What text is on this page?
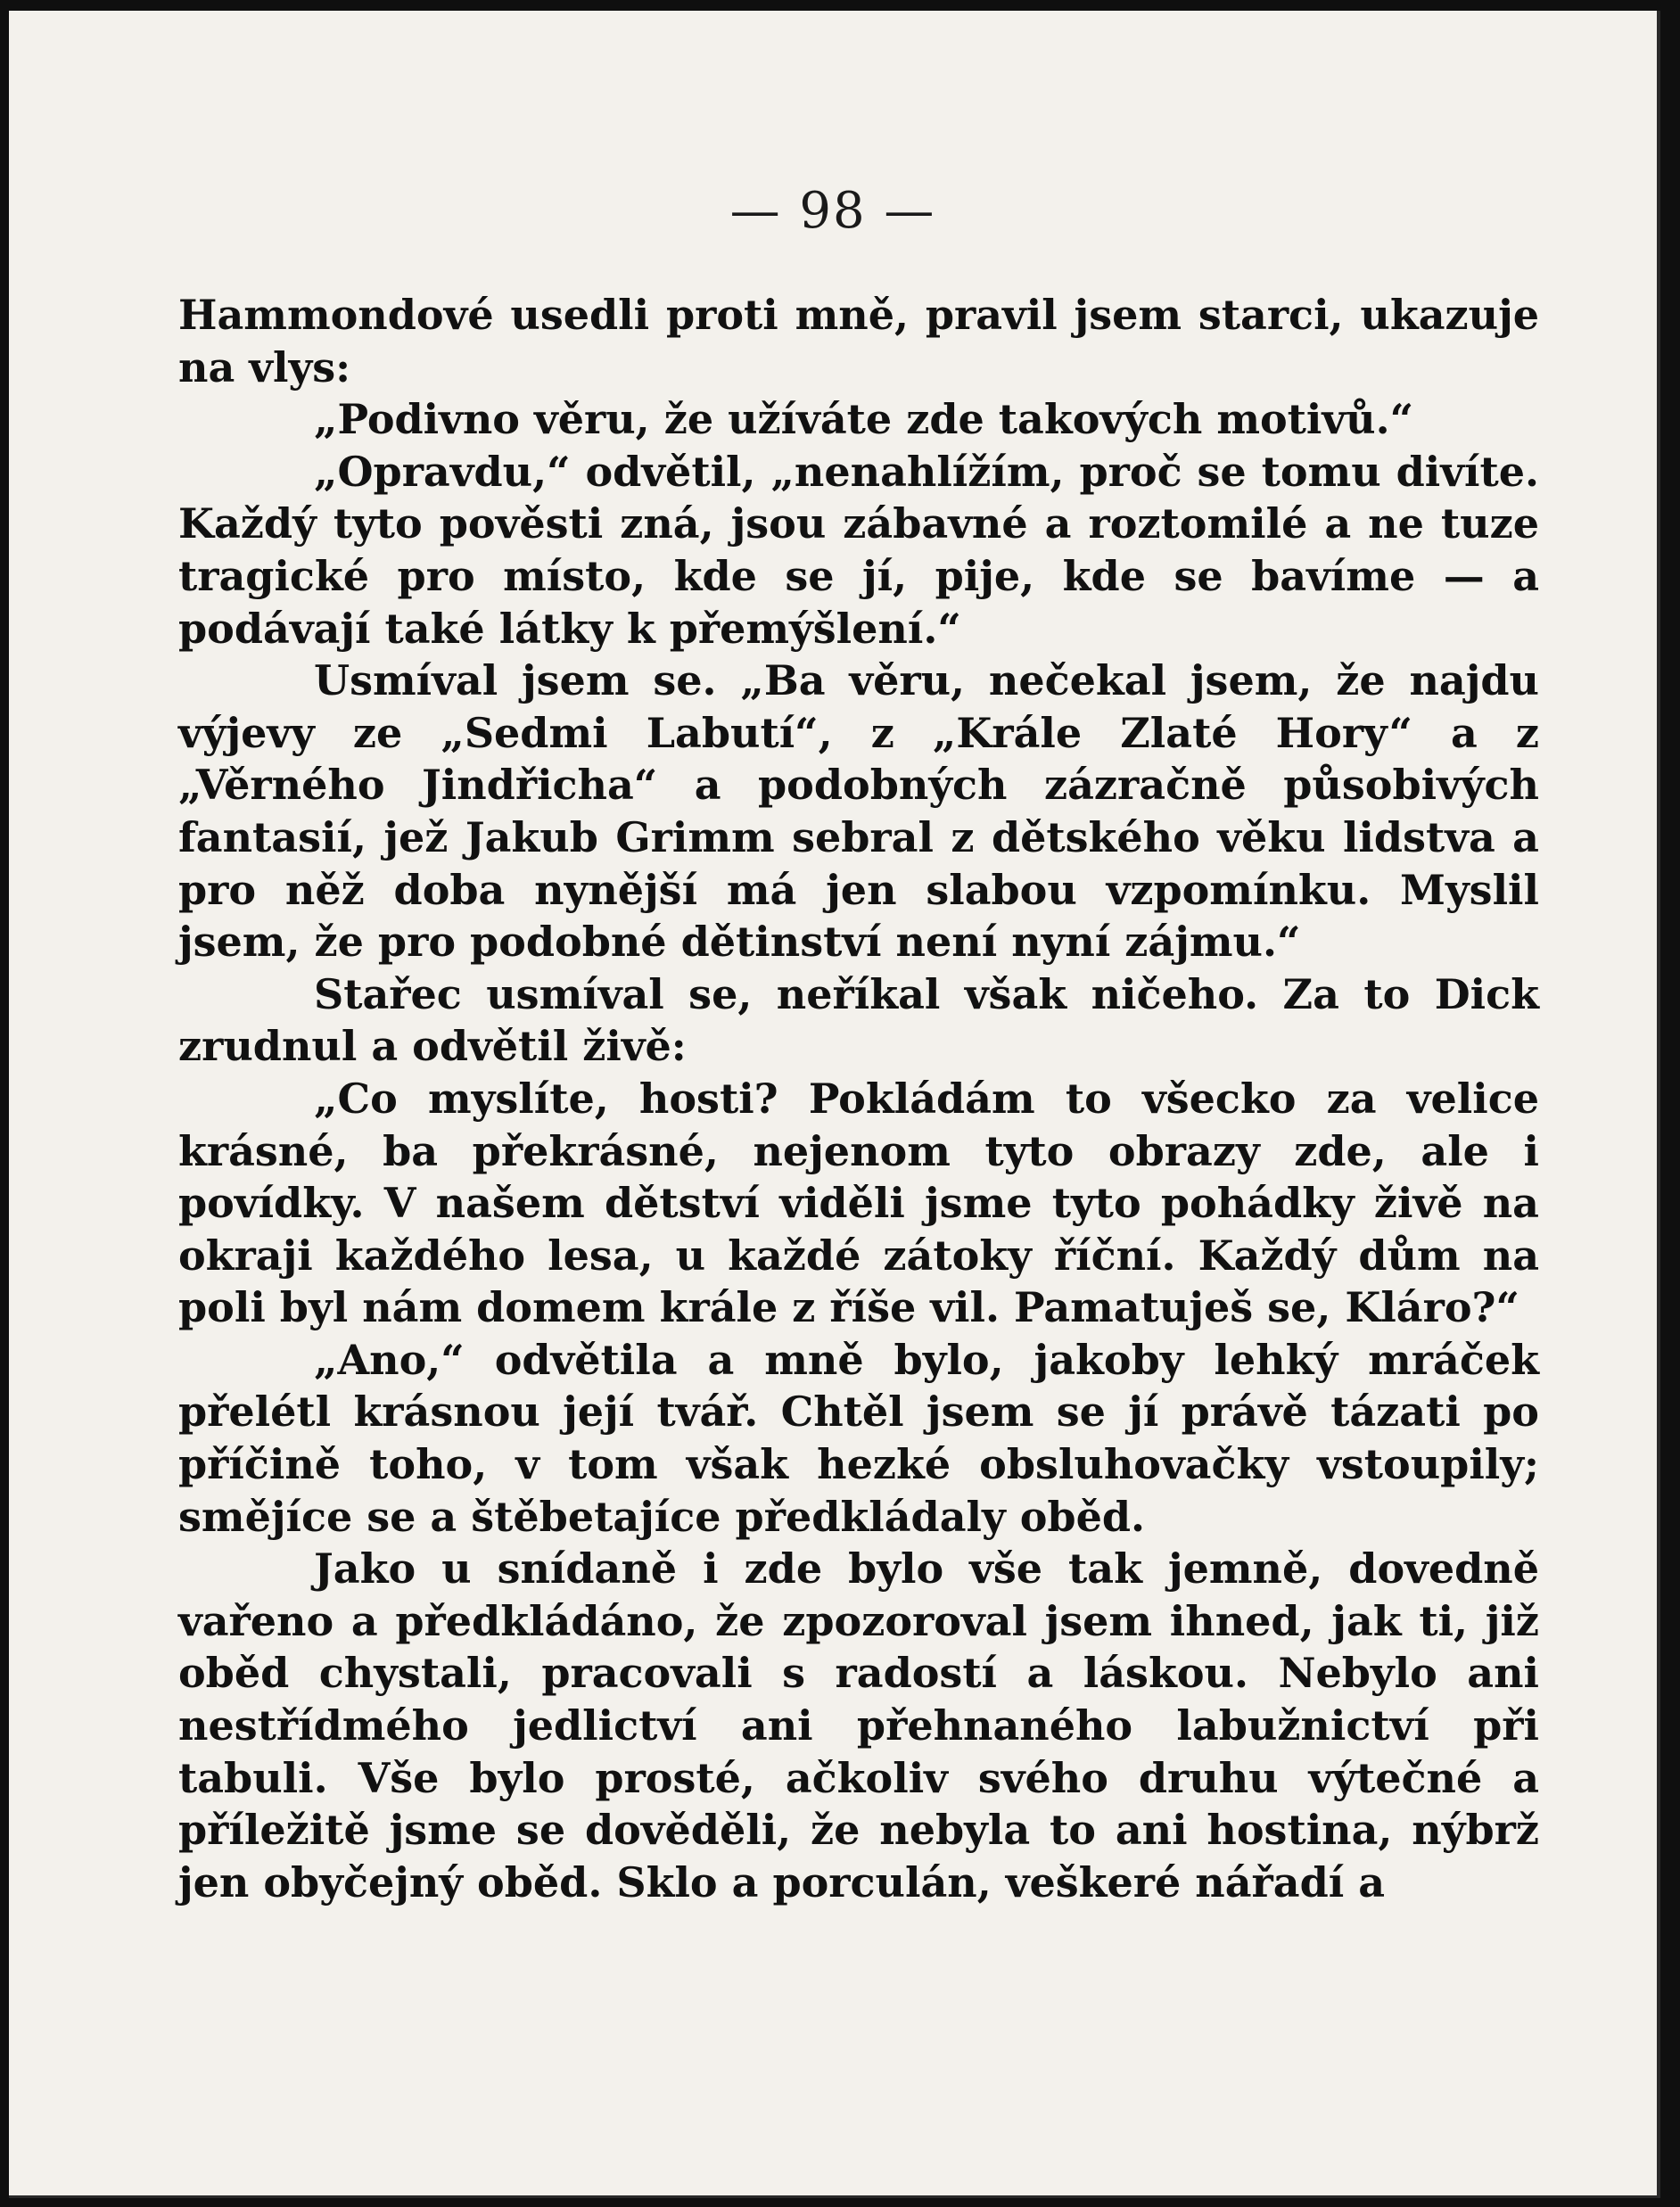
— 98 —

Hammondové usedli proti mně, pravil jsem starci, ukazuje na vlys:

„Podivno věru, že užíváte zde takových motivů.“

„Opravdu,“ odvětil, „nenahlížím, proč se tomu divíte. Každý tyto pověsti zná, jsou zábavné a roztomilé a ne tuze tragické pro místo, kde se jí, pije, kde se bavíme — a podávají také látky k přemýšlení.“

Usmíval jsem se. „Ba věru, nečekal jsem, že najdu výjevy ze „Sedmi Labutí“, z „Krále Zlaté Hory“ a z „Věrného Jindřicha“ a podobných zázračně působivých fantasií, jež Jakub Grimm sebral z dětského věku lidstva a pro něž doba nynější má jen slabou vzpomínku. Myslil jsem, že pro podobné dětinství není nyní zájmu.“

Stařec usmíval se, neříkal však ničeho. Za to Dick zrudnul a odvětil živě:

„Co myslíte, hosti? Pokládám to všecko za velice krásné, ba překrásné, nejenom tyto obrazy zde, ale i povídky. V našem dětství viděli jsme tyto pohádky živě na okraji každého lesa, u každé zátoky říční. Každý dům na poli byl nám domem krále z říše vil. Pamatuješ se, Kláro?“

„Ano,“ odvětila a mně bylo, jakoby lehký mráček přelétl krásnou její tvář. Chtěl jsem se jí právě tázati po příčině toho, v tom však hezké obsluhovačky vstoupily; smějíce se a štěbetajíce předkládaly oběd.

Jako u snídaně i zde bylo vše tak jemně, dovedně vařeno a předkládáno, že zpozoroval jsem ihned, jak ti, již oběd chystali, pracovali s radostí a láskou. Nebylo ani nestřídmého jedlictví ani přehnaného labužnictví při tabuli. Vše bylo prosté, ačkoliv svého druhu výtečné a příležitě jsme se dověděli, že nebyla to ani hostina, nýbrž jen obyčejný oběd. Sklo a porculán, veškeré nářadí a
